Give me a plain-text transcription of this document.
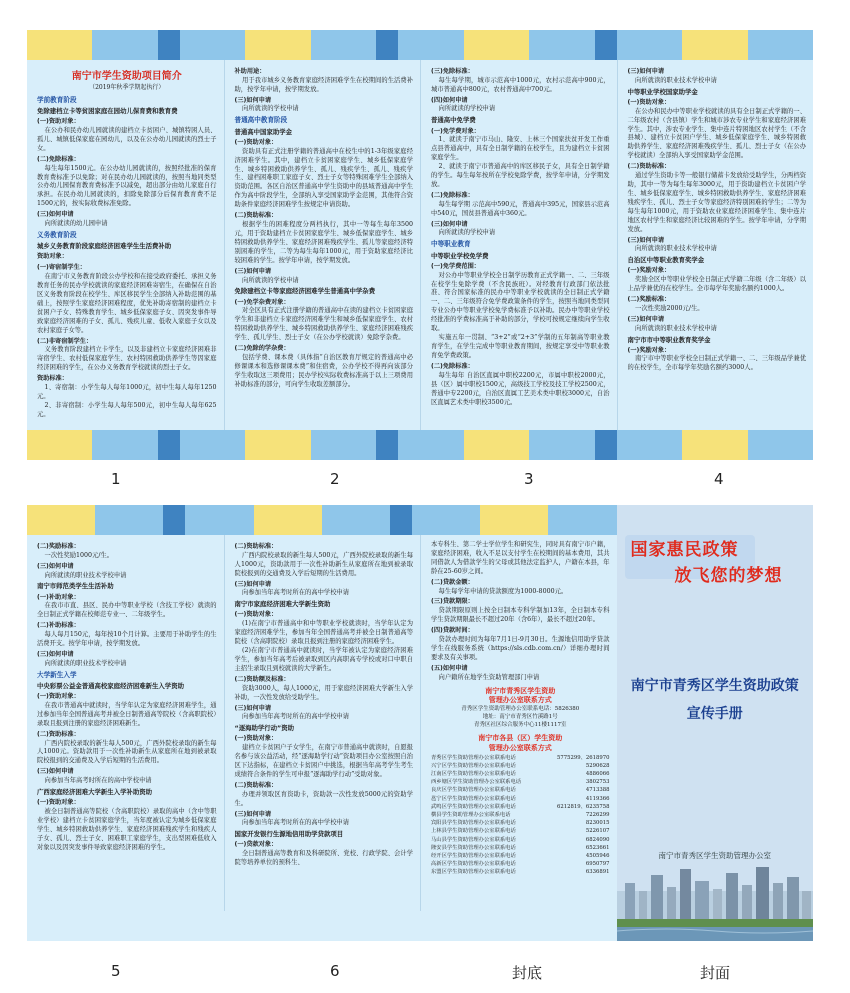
南宁市学生资助项目简介
（2019年秋季学期起执行）
学前教育阶段
免除建档立卡等贫困家庭在园幼儿保育费和教育费
(一)资助对象：

在公办和民办幼儿园就读的建档立卡贫困户、城镇特困人员、孤儿、城镇低保家庭在园幼儿，以及在公办幼儿园就读的烈士子女。

(二)免除标准：

每生每年1500元。在公办幼儿园就读的，按照经批准的保育教育费标准予以免除；对在民办幼儿园就读的，按照当地同类型公办幼儿园保育教育费标准予以减免，超出部分由幼儿家庭自行承担。在民办幼儿园就读的，扣除免除部分后保育教育费不足1500元的，按实际收费标准免除。

(三)如何申请

向所就读的幼儿园申请

义务教育阶段
城乡义务教育阶段家庭经济困难学生生活费补助
资助对象：
(一)寄宿制学生：

在南宁市义务教育阶段公办学校和在接受政府委托、承担义务教育任务的民办学校就读的家庭经济困难寄宿生，在确保在自治区义务教育阶段在校学生、库区移民学生全部纳入补助范围的基础上，按照学生家庭经济困难程度，优先补助寄宿制的建档立卡贫困户子女、特殊教育学生、城乡低保家庭子女、因突发事件导致家庭经济困难的子女、孤儿、残疾儿童、低收入家庭子女以及农村家庭子女等。

(二)非寄宿制学生：

义务教育阶段建档立卡学生，以及非建档立卡家庭经济困难非寄宿学生、农村低保家庭学生、农村特困救助供养学生等因家庭经济困难的学生，在公办义务教育学校就读的烈士子女。

资助标准：

1、寄宿制：小学生每人每年1000元，初中生每人每年1250元。

2、非寄宿制：小学生每人每年500元，初中生每人每年625元。

补助用途：

用于我市城乡义务教育家庭经济困难学生在校期间的生活费补助，按学年申请，按学期发放。

(三)如何申请

向所就读的学校申请

普通高中教育阶段
普通高中国家助学金
(一)资助对象：

资助具有正式注册学籍的普通高中在校生中的1-3年级家庭经济困难学生。其中，建档立卡贫困家庭学生、城乡低保家庭学生、城乡特困救助供养学生、孤儿、残疾学生、孤儿、残疾学生、建档困难职工家庭子女、烈士子女等特殊困难学生全部纳入资助范围。各区自治区普通高中学生资助中的县域普通高中学生作为高中阶段学生，全部纳入享受国家助学金范围，其他符合资助条件家庭经济困难学生按规定申请资助。

(二)资助标准：

根据学生的困难程度分两档执行，其中一等每生每年3500元，用于资助建档立卡贫困家庭学生、城乡低保家庭学生、城乡特困救助供养学生、家庭经济困难残疾学生、孤儿等家庭经济特别困难的学生，二等为每生每年1000元，用于资助家庭经济比较困难的学生。按学年申请，按学期发放。

(三)如何申请

向所就读的学校申请

免除建档立卡等家庭经济困难学生普通高中学杂费
(一)免学杂费对象：

对全区具有正式注册学籍的普通高中在读的建档立卡贫困家庭学生和非建档立卡家庭经济困难学生和城乡低保家庭学生、农村特困救助供养学生、城乡特困救助供养学生、家庭经济困难残疾学生、孤儿学生、烈士子女（在公办学校就读）免除学杂费。

(二)免除的学杂费：

包括学费、课本费（具体指“自治区教育厅规定的普通高中必修课课本和选修课课本费”和住宿费，公办学校不得再向该部分学生收取这三项费用；民办学校实际收费标准高于以上三项费用补助标准的部分，可向学生收取差额部分。

(三)免除标准：

每生每学期，城市示范高中1000元，农村示范高中900元，城市普通高中800元，农村普通高中700元。

(四)如何申请

向所就读的学校申请

普通高中免学费
(一)免学费对象：

1、就读于南宁市马山、隆安、上林三个国家扶贫开发工作重点县普通高中，具有全日制学籍的在校学生，且为建档立卡贫困家庭学生。

2、就读于南宁市普通高中的库区移民子女，具有全日制学籍的学生。每生每年按所在学校免除学费，按学年申请，分学期发放。

(二)免除标准：

每生每学期 示范高中590元，普通高中395元，国家县示范高中540元，国贫县普通高中360元。

(三)如何申请

向所就读的学校申请

中等职业教育
中等职业学校免学费
(一)免学费范围：

对公办中等职业学校全日制学历教育正式学籍一、二、三年级在校学生免除学费（不含民族班）。对经教育行政部门依法批准、符合国家标准的民办中等职业学校就读的全日制正式学籍一、二、三年级符合免学费政策条件的学生，按照当地同类型同专业公办中等职业学校免学费标准予以补助。民办中等职业学校经批准的学费标准高于补助的部分，学校可按规定继续向学生收取。

实施五年一贯制、“3+2”或“2+3”学制的五年制高等职业教育学生，在学生完成中等职业教育期间，按规定享受中等职业教育免学费政策。

(二)免除标准：

每生每年 自治区直属中职校2200元，市属中职校2000元，县（区）属中职校1500元，高级技工学校及技工学校2500元，普通中专2200元，自治区直属工艺美术类中职校3000元，自治区直属艺术类中职校3500元。

(三)如何申请

向所就读的职业技术学校申请

中等职业学校国家助学金
(一)资助对象：

在公办和民办中等职业学校就读的具有全日制正式学籍的一、二年级农村（含县镇）学生和城市涉农专业学生和家庭经济困难学生。其中，涉农专业学生、集中连片特困地区农村学生（不含县城）、建档立卡贫困户学生、城乡低保家庭学生、城乡特困救助供养学生、家庭经济困难残疾学生、孤儿、烈士子女（在公办学校就读）全部纳入享受国家助学金范围。

(二)资助标准：

通过学生资助卡等一般银行储蓄卡发放给受助学生，分两档资助，其中一等为每生每年3000元，用于资助建档立卡贫困户学生、城乡低保家庭学生、城乡特困救助供养学生、家庭经济困难残疾学生、孤儿、烈士子女等家庭经济特别困难的学生；二等为每生每年1000元，用于资助农业家庭经济困难学生、集中连片地区农村学生和家庭经济比较困难的学生。按学年申请，分学期发放。

(三)如何申请

向所就读的职业技术学校申请

自治区中等职业教育奖学金
(一)奖励对象：

奖励全区中等职业学校全日制正式学籍二年级（含二年级）以上品学兼优的在校学生。全市每学年奖励名额约1000人。

(二)奖励标准：

一次性奖励2000元/生。

(三)如何申请

向所就读的职业技术学校申请

南宁市市中等职业教育奖学金
(一)奖励对象：

南宁市中等职业学校全日制正式学籍一、二、三年级品学兼优的在校学生，全市每学年奖励名额约3000人。

(二)奖励标准：

一次性奖励1000元/生。

(三)如何申请

向所就读的职业技术学校申请

南宁市师范类学生生活补助
(一)补助对象：

在我市市直、县区、民办中等职业学校（含技工学校）就读的全日制正式学籍在校师范专业一、二年级学生。

(二)补助标准：

每人每月150元，每年按10个月计算。主要用于补助学生的生活费开支。按学年申请，按学期发放。

(三)如何申请

向所就读的职业技术学校申请

大学新生入学
中央彩票公益金普通高校家庭经济困难新生入学资助
(一)资助对象：

在我市普通高中就读时，当学年认定为家庭经济困难学生，通过参加当年全国普通高考并被全日制普通高等院校（含高职院校）录取且报到注册的家庭经济困难新生。

(二)资助标准：

广西内院校录取的新生每人500元，广西外院校录取的新生每人1000元。资助款用于一次性补助新生从家庭所在地到被录取院校报到的交通费及入学后短期的生活费用。

(三)如何申请

向参加当年高考时所在的高中学校申请

广西家庭经济困难大学新生入学补助资助
(一)资助对象：

被全日制普通高等院校（含高职院校）录取的高中（含中等职业学校）建档立卡贫困家庭学生，当年度被认定为城乡低保家庭学生、城乡特困救助供养学生、家庭经济困难残疾学生和残疾人子女、孤儿、烈士子女、困难职工家庭学生，支出型困难低收入对象以及因突发事件导致家庭经济困难的学生。

(二)资助标准：

广西内院校录取的新生每人500元，广西外院校录取的新生每人1000元，资助款用于一次性补助新生从家庭所在地到被录取院校报到的交通费及入学后短期的生活费用。

(三)如何申请

向参加当年高考时所在的高中学校申请

南宁市家庭经济困难大学新生资助
(一)资助对象：

(1)在南宁市普通高中和中等职业学校就读时，当学年认定为家庭经济困难学生，参加当年全国普通高考并被全日制普通高等院校（含高职院校）录取且报到注册的家庭经济困难学生。

(2)在南宁市普通高中就读时，当学年被认定为家庭经济困难学生，参加当年高考后被录取到区内高职高专学校或对口中职自主招生录取且到校就读的大学新生。

(二)资助额及标准：

资助3000人，每人1000元，用于家庭经济困难大学新生入学补助，一次性发放给受助学生。

(三)如何申请

向参加当年高考时所在的高中学校申请

“逐海助学行动”资助
(一)资助对象：

建档立卡贫困户子女学生，在南宁市普通高中就读时，自愿报名参与该公益活动，经“逐海助学行动”资助项目办公室按照自治区下达指标，在建档立卡贫困户中挑选，根据当年高考学生考生成绩符合条件的学生可申报“逐海助学行动”受助对象。

(二)资助标准：

办理并领取区育资助卡，资助款一次性发放5000元的资助学生。

(三)如何申请

向参加当年高考时所在的高中学校申请

国家开发银行生源地信用助学贷款项目
(一)贷款对象：

全日制普通高等教育和及科研院所、党校、行政学院、会计学院等培养单位的预科生、

本专科生、第二学士学位学生和研究生，同时具有南宁市户籍，家庭经济困难，收入不足以支付学生在校期间的基本费用，其共同借款人为借款学生的父母或其他法定监护人，户籍在本县，年龄在25-60岁之间。

(二)贷款金额：

每生每学年申请的贷款额度为1000-8000元。

(三)贷款期限：

贷款期限原则上按全日制本专科学制加13年，全日制本专科学生贷款期限最长不超过20年（含6年），最长不超过20年。

(四)贷款时间：

贷款办理时间为每年7月1日-9月30日。生源地信用助学贷款学生在线服务系统（https://sls.cdb.com.cn/）详细办理时间要求及有关事项。

(五)如何申请

向户籍所在地学生资助管理部门申请

南宁市青秀区学生资助
管理办公室联系方式
青秀区学生资助管理办公室联系电话：5826380
地址：南宁市青秀区竹溪路1号
青秀区社区综合服务中心11楼1117室
南宁市各县（区）学生资助
管理办公室联系方式
青秀区学生资助管理办公室联系电话	5775299、2618970
兴宁区学生资助管理办公室联系电话	5290628
江南区学生资助管理办公室联系电话	4886066
西乡塘区学生资助管理办公室联系电话	3802753
良庆区学生资助管理办公室联系电话	4713388
邕宁区学生资助管理办公室联系电话	4119366
武鸣区学生资助管理办公室联系电话	6212819、6235758
横县学生资助管理办公室联系电话	7226299
宾阳县学生资助管理办公室联系电话	8230015
上林县学生资助管理办公室联系电话	5226107
马山县学生资助管理办公室联系电话	6824090
隆安县学生资助管理办公室联系电话	6523661
经开区学生资助管理办公室联系电话	4505946
高新区学生资助管理办公室联系电话	6950797
东盟区学生资助管理办公室联系电话	6336891
国家惠民政策
放飞您的梦想
南宁市青秀区学生资助政策
宣传手册
南宁市青秀区学生资助管理办公室
1	2	3	4
5	6	封底	封面
